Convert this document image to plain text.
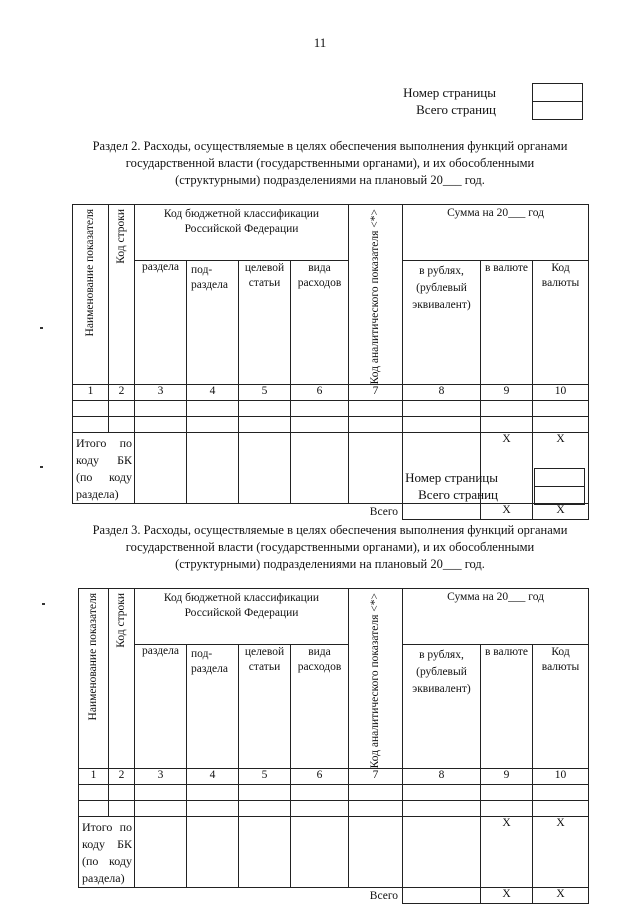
11
Номер страницы
Всего страниц
Раздел 2. Расходы, осуществляемые в целях обеспечения выполнения функций органами
государственной власти (государственными органами), и их обособленными
(структурными) подразделениями на плановый 20___ год.
Наименование показателя	Код строки	Код бюджетной классификации Российской Федерации				Код аналитического показателя <*>	Сумма на 20___ год		
		раздела	под-раздела	целевой статьи	вида расходов		в рублях, (рублевый эквивалент)	в валюте	Код валюты
1	2	3	4	5	6	7	8	9	10

Итого по коду БК (по коду раздела)								X	X
Всего								X	X
Номер страницы
Всего страниц
Раздел 3. Расходы, осуществляемые в целях обеспечения выполнения функций органами
государственной власти (государственными органами), и их обособленными
(структурными) подразделениями на плановый 20___ год.
Наименование показателя	Код строки	Код бюджетной классификации Российской Федерации				Код аналитического показателя <*>	Сумма на 20___ год		
		раздела	под-раздела	целевой статьи	вида расходов		в рублях, (рублевый эквивалент)	в валюте	Код валюты
1	2	3	4	5	6	7	8	9	10

Итого по коду БК (по коду раздела)								X	X
Всего								X	X
